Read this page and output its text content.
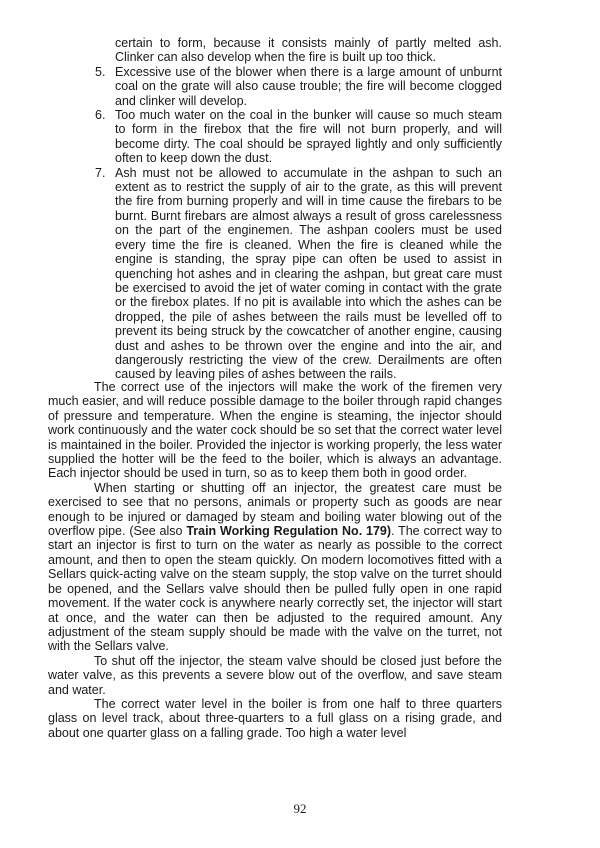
certain to form, because it consists mainly of partly melted ash. Clinker can also develop when the fire is built up too thick.

5. Excessive use of the blower when there is a large amount of unburnt coal on the grate will also cause trouble; the fire will become clogged and clinker will develop.

6. Too much water on the coal in the bunker will cause so much steam to form in the firebox that the fire will not burn properly, and will become dirty. The coal should be sprayed lightly and only sufficiently often to keep down the dust.

7. Ash must not be allowed to accumulate in the ashpan to such an extent as to restrict the supply of air to the grate, as this will prevent the fire from burning properly and will in time cause the firebars to be burnt. Burnt firebars are almost always a result of gross carelessness on the part of the enginemen. The ashpan coolers must be used every time the fire is cleaned. When the fire is cleaned while the engine is standing, the spray pipe can often be used to assist in quenching hot ashes and in clearing the ashpan, but great care must be exercised to avoid the jet of water coming in contact with the grate or the firebox plates. If no pit is available into which the ashes can be dropped, the pile of ashes between the rails must be levelled off to prevent its being struck by the cowcatcher of another engine, causing dust and ashes to be thrown over the engine and into the air, and dangerously restricting the view of the crew. Derailments are often caused by leaving piles of ashes between the rails.

The correct use of the injectors will make the work of the firemen very much easier, and will reduce possible damage to the boiler through rapid changes of pressure and temperature. When the engine is steaming, the injector should work continuously and the water cock should be so set that the correct water level is maintained in the boiler. Provided the injector is working properly, the less water supplied the hotter will be the feed to the boiler, which is always an advantage. Each injector should be used in turn, so as to keep them both in good order.

When starting or shutting off an injector, the greatest care must be exercised to see that no persons, animals or property such as goods are near enough to be injured or damaged by steam and boiling water blowing out of the overflow pipe. (See also Train Working Regulation No. 179). The correct way to start an injector is first to turn on the water as nearly as possible to the correct amount, and then to open the steam quickly. On modern locomotives fitted with a Sellars quick-acting valve on the steam supply, the stop valve on the turret should be opened, and the Sellars valve should then be pulled fully open in one rapid movement. If the water cock is anywhere nearly correctly set, the injector will start at once, and the water can then be adjusted to the required amount. Any adjustment of the steam supply should be made with the valve on the turret, not with the Sellars valve.

To shut off the injector, the steam valve should be closed just before the water valve, as this prevents a severe blow out of the overflow, and save steam and water.

The correct water level in the boiler is from one half to three quarters glass on level track, about three-quarters to a full glass on a rising grade, and about one quarter glass on a falling grade. Too high a water level

92
